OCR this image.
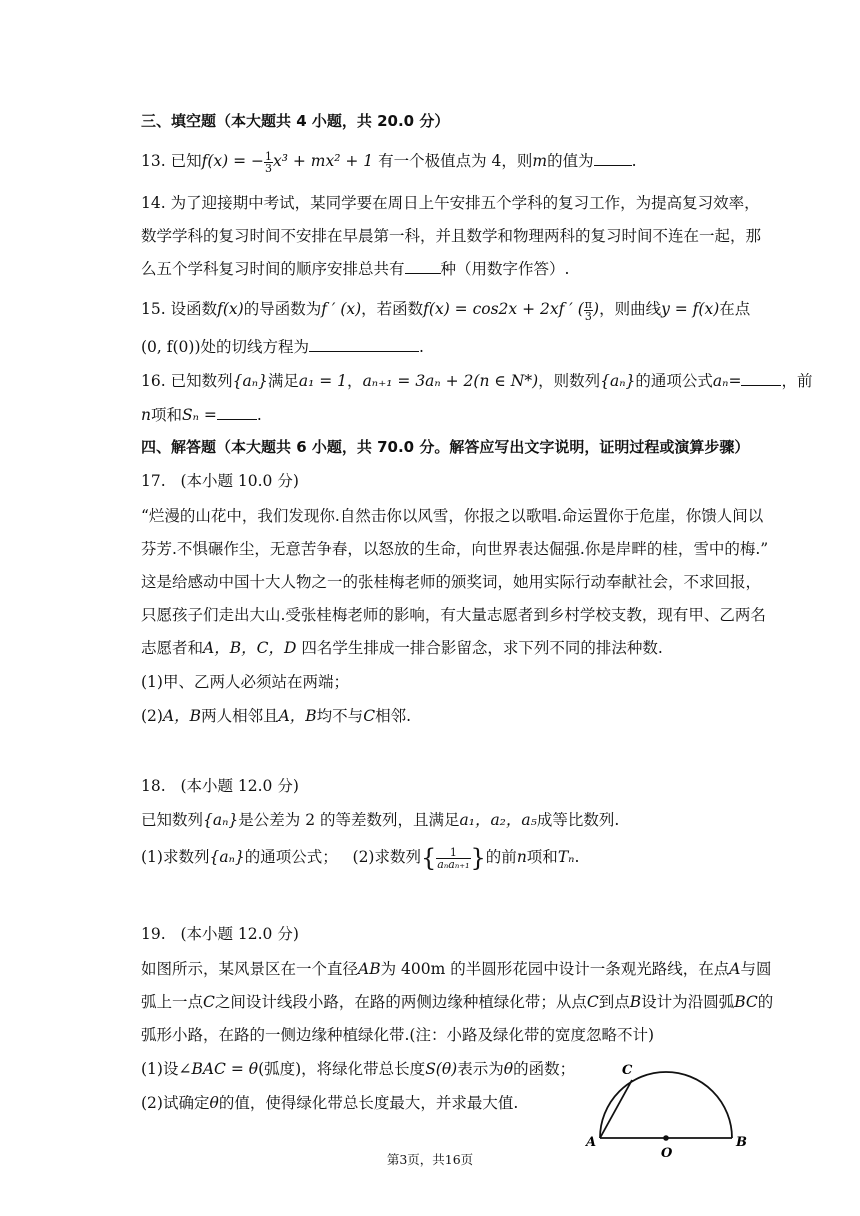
三、填空题（本大题共 4 小题，共 20.0 分）
13. 已知f(x) = − $\frac{1}{3} x^3 + mx^2 + 1$ 有一个极值点为 4，则m的值为 .
14. 为了迎接期中考试，某同学要在周日上午安排五个学科的复习工作，为提高复习效率，
数学学科的复习时间不安排在早晨第一科，并且数学和物理两科的复习时间不连在一起，那
么五个学科复习时间的顺序安排总共有 种（用数字作答）.
15. 设函数f(x)的导函数为f ′ (x)，若函数f(x) = cos2x + 2xf ′ ( $\frac{\pi}{3}$ )，则曲线y = f(x)在点
(0, f(0))处的切线方程为	.
16. 已知数列{aₙ}满足a₁ = 1，aₙ₊₁ = 3aₙ + 2(n ∈ N*)，则数列{aₙ}的通项公式aₙ=	，前
n项和Sₙ =	.
四、解答题（本大题共 6 小题，共 70.0 分。解答应写出文字说明，证明过程或演算步骤）
17. (本小题 10.0 分)
“烂漫的山花中，我们发现你.自然击你以风雪，你报之以歌唱.命运置你于危崖，你馈人间以
芬芳.不惧碾作尘，无意苦争春，以怒放的生命，向世界表达倔强.你是岸畔的桂，雪中的梅.”
这是给感动中国十大人物之一的张桂梅老师的颁奖词，她用实际行动奉献社会，不求回报，
只愿孩子们走出大山.受张桂梅老师的影响，有大量志愿者到乡村学校支教，现有甲、乙两名
志愿者和A，B，C，D 四名学生排成一排合影留念，求下列不同的排法种数.
(1)甲、乙两人必须站在两端；
(2)A，B两人相邻且A，B均不与C相邻.
18. (本小题 12.0 分)
已知数列{aₙ}是公差为 2 的等差数列，且满足a₁，a₂，a₅成等比数列.
(1)求数列{aₙ}的通项公式； (2)求数列{ $\frac{1}{\text{aₙaₙ₊₁}}$ }的前n项和Tₙ.
19. (本小题 12.0 分)
如图所示，某风景区在一个直径AB为 400m 的半圆形花园中设计一条观光路线，在点A与圆
弧上一点C之间设计线段小路，在路的两侧边缘种植绿化带；从点C到点B设计为沿圆弧BC的
弧形小路，在路的一侧边缘种植绿化带.(注：小路及绿化带的宽度忽略不计)
(1)设∠BAC = θ(弧度)，将绿化带总长度S(θ)表示为θ的函数；
(2)试确定θ的值，使得绿化带总长度最大，并求最大值.
C
A
O
B
第3页，共16页
